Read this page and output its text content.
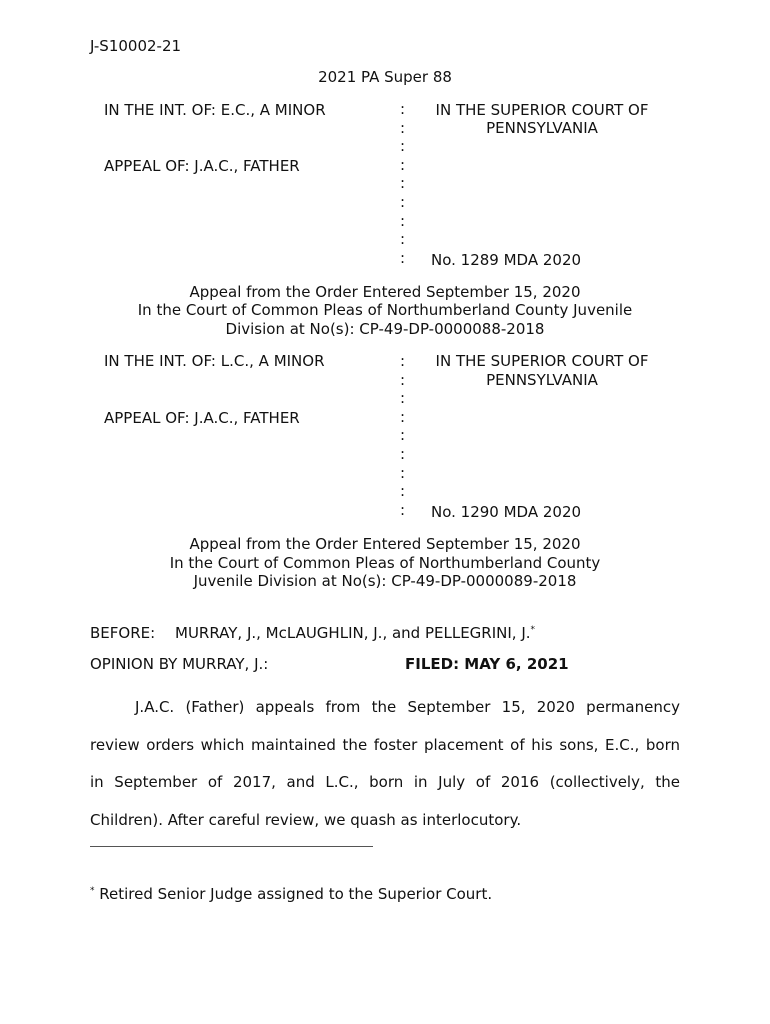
J-S10002-21
2021 PA Super 88
IN THE INT. OF: E.C., A MINOR
APPEAL OF: J.A.C., FATHER
:
:
:
:
:
:
:
:
:
IN THE SUPERIOR COURT OF
PENNSYLVANIA
No. 1289 MDA 2020
Appeal from the Order Entered September 15, 2020
In the Court of Common Pleas of Northumberland County Juvenile
Division at No(s): CP-49-DP-0000088-2018
IN THE INT. OF: L.C., A MINOR
APPEAL OF: J.A.C., FATHER
:
:
:
:
:
:
:
:
:
IN THE SUPERIOR COURT OF
PENNSYLVANIA
No. 1290 MDA 2020
Appeal from the Order Entered September 15, 2020
In the Court of Common Pleas of Northumberland County
Juvenile Division at No(s): CP-49-DP-0000089-2018
BEFORE: MURRAY, J., McLAUGHLIN, J., and PELLEGRINI, J.*
OPINION BY MURRAY, J.:	FILED: MAY 6, 2021
J.A.C. (Father) appeals from the September 15, 2020 permanency
review orders which maintained the foster placement of his sons, E.C., born
in September of 2017, and L.C., born in July of 2016 (collectively, the
Children). After careful review, we quash as interlocutory.
* Retired Senior Judge assigned to the Superior Court.
